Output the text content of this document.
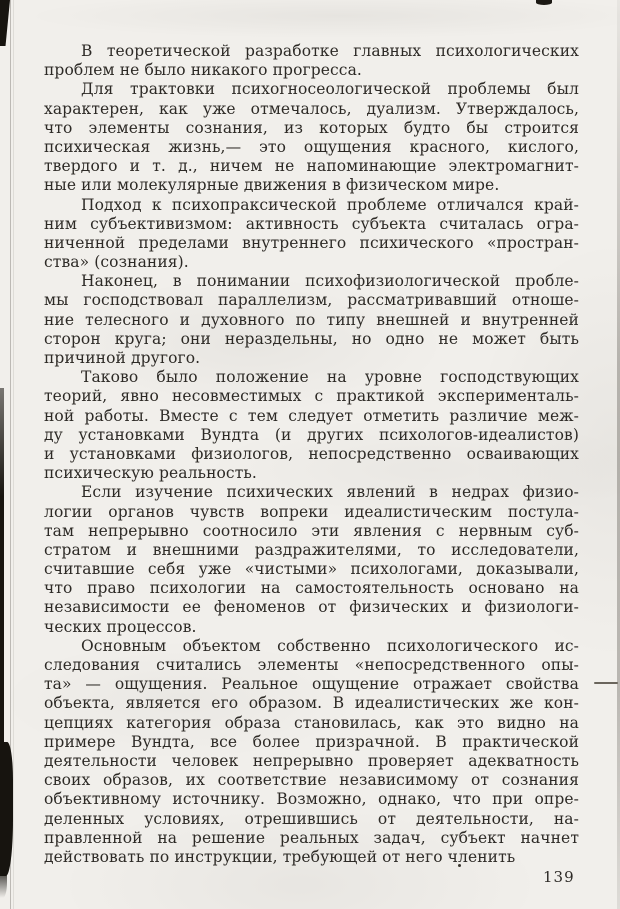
В теоретической разработке главных психологических
проблем не было никакого прогресса.
Для трактовки психогносеологической проблемы был
характерен, как уже отмечалось, дуализм. Утверждалось,
что элементы сознания, из которых будто бы строится
психическая жизнь,— это ощущения красного, кислого,
твердого и т. д., ничем не напоминающие электромагнит-
ные или молекулярные движения в физическом мире.
Подход к психопраксической проблеме отличался край-
ним субъективизмом: активность субъекта считалась огра-
ниченной пределами внутреннего психического «простран-
ства» (сознания).
Наконец, в понимании психофизиологической пробле-
мы господствовал параллелизм, рассматривавший отноше-
ние телесного и духовного по типу внешней и внутренней
сторон круга; они нераздельны, но одно не может быть
причиной другого.
Таково было положение на уровне господствующих
теорий, явно несовместимых с практикой эксперименталь-
ной работы. Вместе с тем следует отметить различие меж-
ду установками Вундта (и других психологов-идеалистов)
и установками физиологов, непосредственно осваивающих
психическую реальность.
Если изучение психических явлений в недрах физио-
логии органов чувств вопреки идеалистическим постула-
там непрерывно соотносило эти явления с нервным суб-
стратом и внешними раздражителями, то исследователи,
считавшие себя уже «чистыми» психологами, доказывали,
что право психологии на самостоятельность основано на
независимости ее феноменов от физических и физиологи-
ческих процессов.
Основным объектом собственно психологического ис-
следования считались элементы «непосредственного опы-
та» — ощущения. Реальное ощущение отражает свойства
объекта, является его образом. В идеалистических же кон-
цепциях категория образа становилась, как это видно на
примере Вундта, все более призрачной. В практической
деятельности человек непрерывно проверяет адекватность
своих образов, их соответствие независимому от сознания
объективному источнику. Возможно, однако, что при опре-
деленных условиях, отрешившись от деятельности, на-
правленной на решение реальных задач, субъект начнет
действовать по инструкции, требующей от него членить
139
